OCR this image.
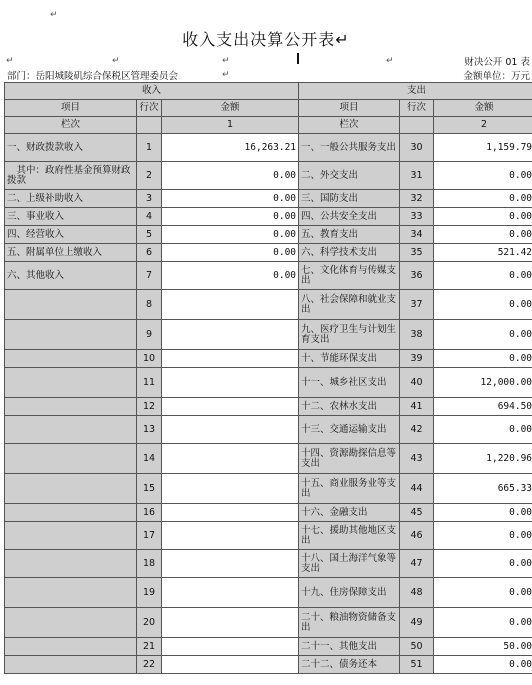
↵
↵	↵	↵	↵
↵
收入支出决算公开表↵
财决公开 01 表
部门：岳阳城陵矶综合保税区管理委员会	金额单位：万元
收入			支出		
项目	行次	金额	项目	行次	金额
栏次		1	栏次		2
一、财政拨款收入	1	16,263.21	一、一般公共服务支出	30	1,159.79
　其中：政府性基金预算财政拨款	2	0.00	二、外交支出	31	0.00
二、上级补助收入	3	0.00	三、国防支出	32	0.00
三、事业收入	4	0.00	四、公共安全支出	33	0.00
四、经营收入	5	0.00	五、教育支出	34	0.00
五、附属单位上缴收入	6	0.00	六、科学技术支出	35	521.42
六、其他收入	7	0.00	七、文化体育与传媒支出	36	0.00
	8		八、社会保障和就业支出	37	0.00
	9		九、医疗卫生与计划生育支出	38	0.00
	10		十、节能环保支出	39	0.00
	11		十一、城乡社区支出	40	12,000.00
	12		十二、农林水支出	41	694.50
	13		十三、交通运输支出	42	0.00
	14		十四、资源勘探信息等支出	43	1,220.96
	15		十五、商业服务业等支出	44	665.33
	16		十六、金融支出	45	0.00
	17		十七、援助其他地区支出	46	0.00
	18		十八、国土海洋气象等支出	47	0.00
	19		十九、住房保障支出	48	0.00
	20		二十、粮油物资储备支出	49	0.00
	21		二十一、其他支出	50	50.00
	22		二十二、债务还本	51	0.00
